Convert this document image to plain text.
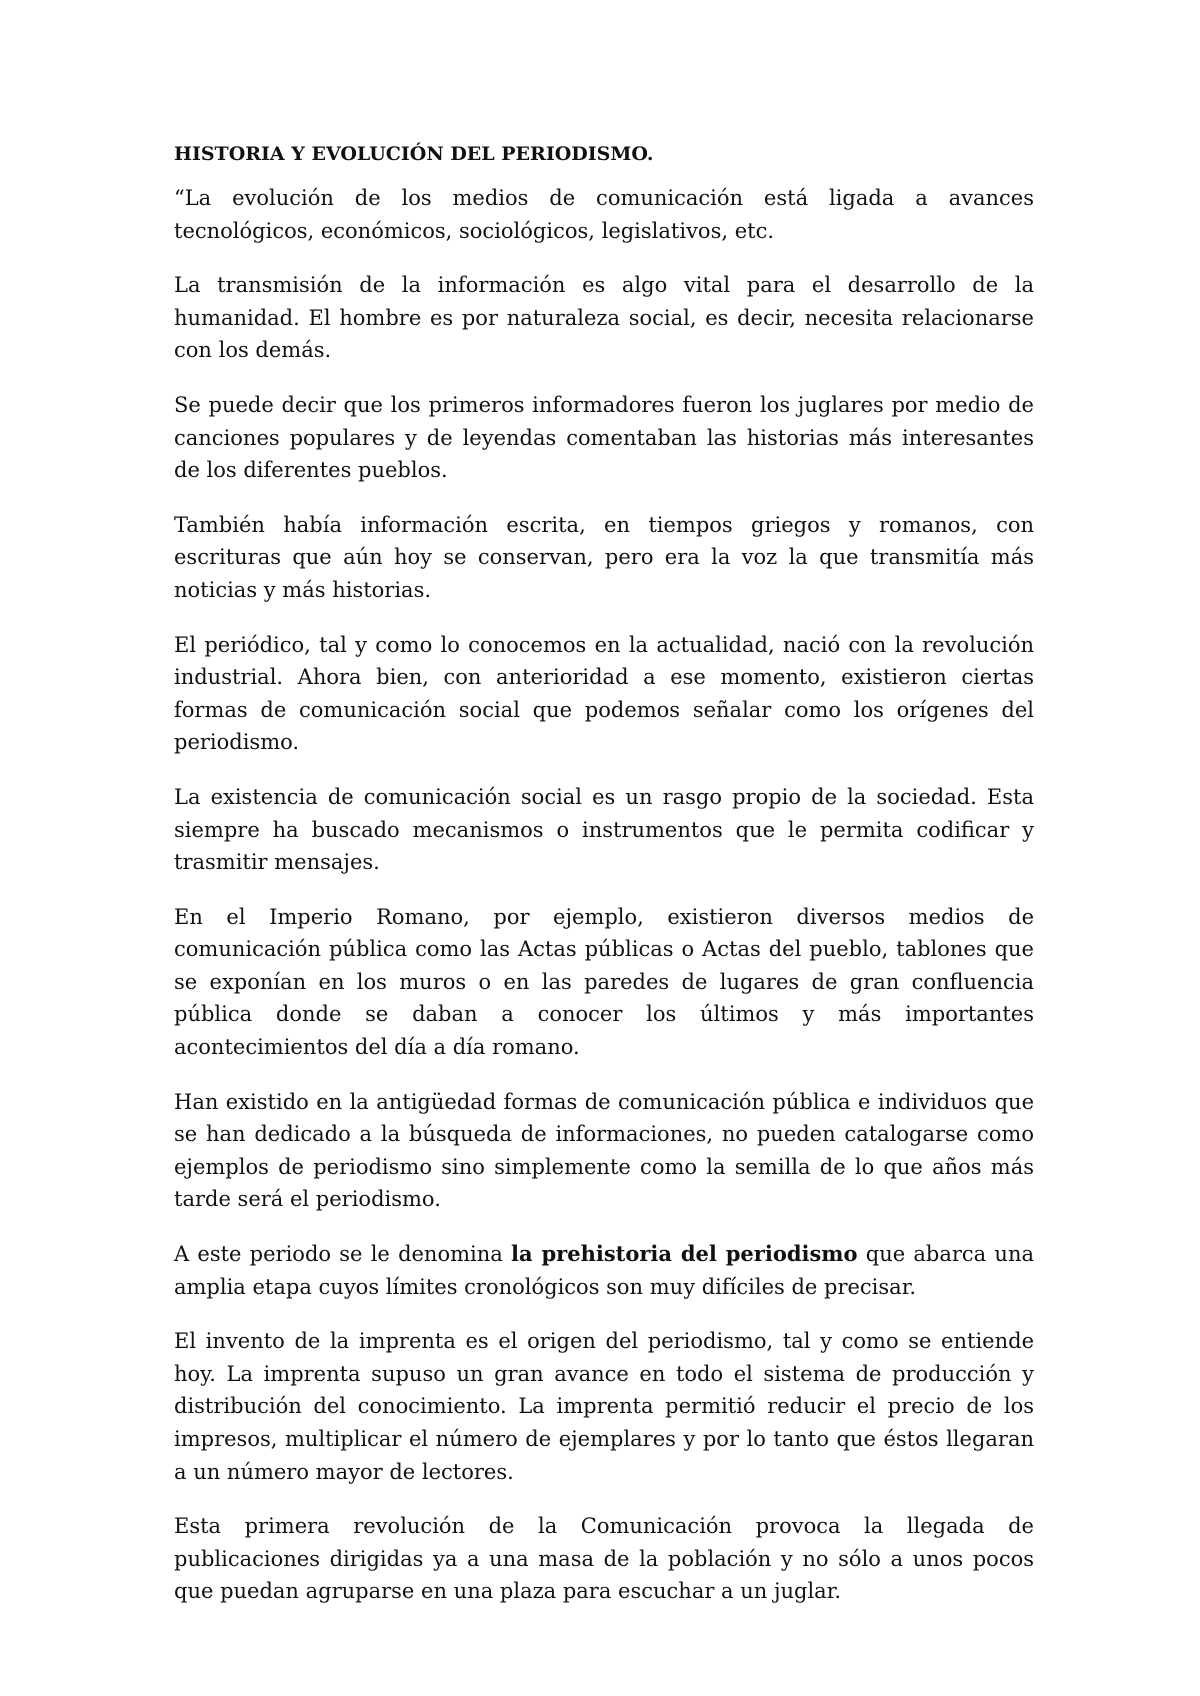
HISTORIA Y EVOLUCIÓN DEL PERIODISMO.

“La evolución de los medios de comunicación está ligada a avances tecnológicos, económicos, sociológicos, legislativos, etc.

La transmisión de la información es algo vital para el desarrollo de la humanidad. El hombre es por naturaleza social, es decir, necesita relacionarse con los demás.

Se puede decir que los primeros informadores fueron los juglares por medio de canciones populares y de leyendas comentaban las historias más interesantes de los diferentes pueblos.

También había información escrita, en tiempos griegos y romanos, con escrituras que aún hoy se conservan, pero era la voz la que transmitía más noticias y más historias.

El periódico, tal y como lo conocemos en la actualidad, nació con la revolución industrial. Ahora bien, con anterioridad a ese momento, existieron ciertas formas de comunicación social que podemos señalar como los orígenes del periodismo.

La existencia de comunicación social es un rasgo propio de la sociedad. Esta siempre ha buscado mecanismos o instrumentos que le permita codificar y trasmitir mensajes.

En el Imperio Romano, por ejemplo, existieron diversos medios de comunicación pública como las Actas públicas o Actas del pueblo, tablones que se exponían en los muros o en las paredes de lugares de gran confluencia pública donde se daban a conocer los últimos y más importantes acontecimientos del día a día romano.

Han existido en la antigüedad formas de comunicación pública e individuos que se han dedicado a la búsqueda de informaciones, no pueden catalogarse como ejemplos de periodismo sino simplemente como la semilla de lo que años más tarde será el periodismo.

A este periodo se le denomina la prehistoria del periodismo que abarca una amplia etapa cuyos límites cronológicos son muy difíciles de precisar.

El invento de la imprenta es el origen del periodismo, tal y como se entiende hoy. La imprenta supuso un gran avance en todo el sistema de producción y distribución del conocimiento. La imprenta permitió reducir el precio de los impresos, multiplicar el número de ejemplares y por lo tanto que éstos llegaran a un número mayor de lectores.

Esta primera revolución de la Comunicación provoca la llegada de publicaciones dirigidas ya a una masa de la población y no sólo a unos pocos que puedan agruparse en una plaza para escuchar a un juglar.
